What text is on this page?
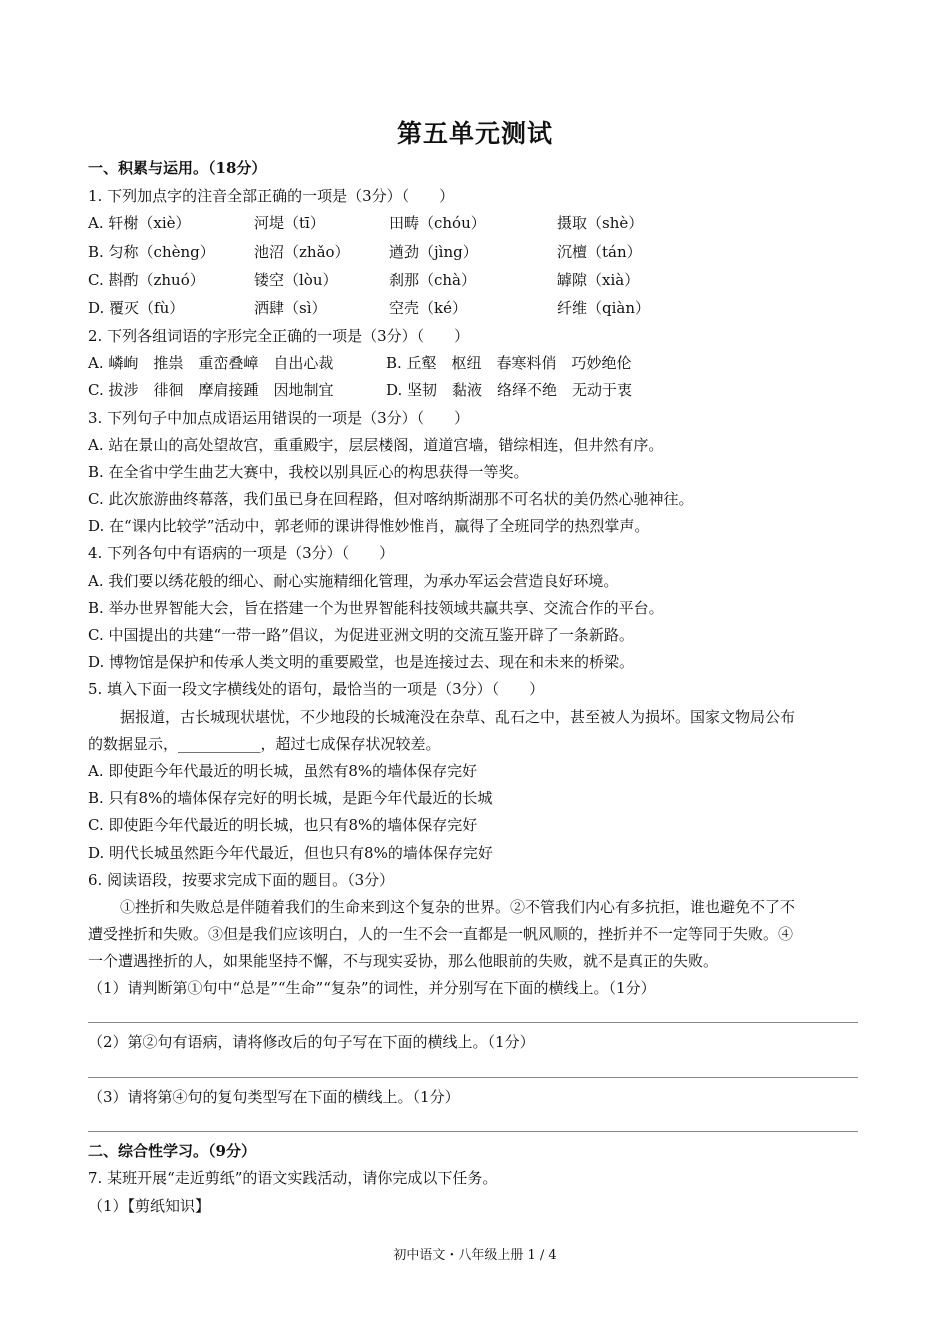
第五单元测试
一、积累与运用。（18分）
1. 下列加点字的注音全部正确的一项是（3分）（　　）
A. 轩榭（xiè）	河堤（tī）	田畴（chóu）	摄取（shè）
B. 匀称（chèng）	池沼（zhǎo）	遒劲（jìng）	沉檀（tán）
C. 斟酌（zhuó）	镂空（lòu）	刹那（chà）	罅隙（xià）
D. 覆灭（fù）	洒肆（sì）	空壳（ké）	纤维（qiàn）
2. 下列各组词语的字形完全正确的一项是（3分）（　　）
A. 嶙峋　推祟　重峦叠嶂　自出心裁	B. 丘壑　枢纽　春寒料俏　巧妙绝伦
C. 拔涉　徘徊　摩肩接踵　因地制宜	D. 坚韧　黏液　络绎不绝　无动于衷
3. 下列句子中加点成语运用错误的一项是（3分）（　　）
A. 站在景山的高处望故宫，重重殿宇，层层楼阁，道道宫墙，错综相连，但井然有序。
B. 在全省中学生曲艺大赛中，我校以别具匠心的构思获得一等奖。
C. 此次旅游曲终幕落，我们虽已身在回程路，但对喀纳斯湖那不可名状的美仍然心驰神往。
D. 在“课内比较学”活动中，郭老师的课讲得惟妙惟肖，赢得了全班同学的热烈掌声。
4. 下列各句中有语病的一项是（3分）（　　）
A. 我们要以绣花般的细心、耐心实施精细化管理，为承办军运会营造良好环境。
B. 举办世界智能大会，旨在搭建一个为世界智能科技领域共赢共享、交流合作的平台。
C. 中国提出的共建“一带一路”倡议，为促进亚洲文明的交流互鉴开辟了一条新路。
D. 博物馆是保护和传承人类文明的重要殿堂，也是连接过去、现在和未来的桥梁。
5. 填入下面一段文字横线处的语句，最恰当的一项是（3分）（　　）
据报道，古长城现状堪忧，不少地段的长城淹没在杂草、乱石之中，甚至被人为损坏。国家文物局公布
的数据显示，___________，超过七成保存状况较差。
A. 即使距今年代最近的明长城，虽然有8%的墙体保存完好
B. 只有8%的墙体保存完好的明长城，是距今年代最近的长城
C. 即使距今年代最近的明长城，也只有8%的墙体保存完好
D. 明代长城虽然距今年代最近，但也只有8%的墙体保存完好
6. 阅读语段，按要求完成下面的题目。（3分）
①挫折和失败总是伴随着我们的生命来到这个复杂的世界。②不管我们内心有多抗拒，谁也避免不了不
遭受挫折和失败。③但是我们应该明白，人的一生不会一直都是一帆风顺的，挫折并不一定等同于失败。④
一个遭遇挫折的人，如果能坚持不懈，不与现实妥协，那么他眼前的失败，就不是真正的失败。
（1）请判断第①句中“总是”“生命”“复杂”的词性，并分别写在下面的横线上。（1分）
（2）第②句有语病，请将修改后的句子写在下面的横线上。（1分）
（3）请将第④句的复句类型写在下面的横线上。（1分）
二、综合性学习。（9分）
7. 某班开展“走近剪纸”的语文实践活动，请你完成以下任务。
（1）【剪纸知识】
初中语文・八年级上册 1 / 4
